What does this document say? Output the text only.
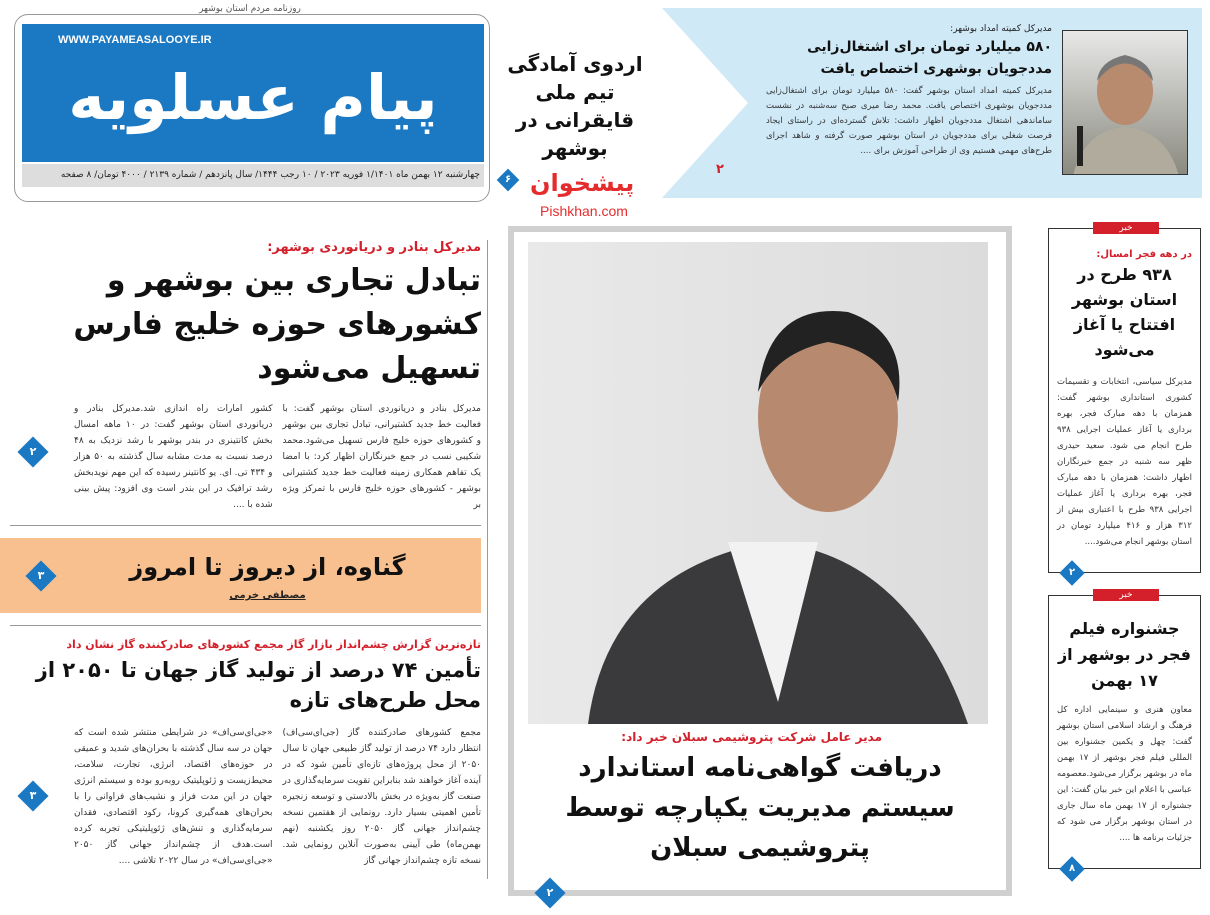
روزنامه مردم استان بوشهر
WWW.PAYAMEASALOOYE.IR
پیام عسلویه
چهارشنبه ۱۲ بهمن ماه ۱/۱۴۰۱ فوریه ۲۰۲۳ / ۱۰ رجب ۱۴۴۴/ سال پانزدهم / شماره ۲۱۳۹ / ۴۰۰۰ تومان/ ۸ صفحه	۶ پیشخوان
Pishkhan.com
اردوی آمادگی تیم ملی قایقرانی در بوشهر
۲
مدیرکل کمیته امداد بوشهر:
۵۸۰ میلیارد تومان برای اشتغال‌زایی مددجویان بوشهری اختصاص یافت
مدیرکل کمیته امداد استان بوشهر گفت: ۵۸۰ میلیارد تومان برای اشتغال‌زایی مددجویان بوشهری اختصاص یافت. محمد رضا میری صبح سه‌شنبه در نشست ساماندهی اشتغال مددجویان اظهار داشت: تلاش گسترده‌ای در راستای ایجاد فرصت شغلی برای مددجویان در استان بوشهر صورت گرفته و شاهد اجرای طرح‌های مهمی هستیم وی از طراحی آموزش برای ....
مدیرکل بنادر و دریانوردی بوشهر:
تبادل تجاری بین بوشهر و کشورهای حوزه خلیج فارس تسهیل می‌شود
۲
کشور امارات راه اندازی شد.مدیرکل بنادر و دریانوردی استان بوشهر گفت: در ۱۰ ماهه امسال بخش کانتینری در بندر بوشهر با رشد نزدیک به ۴۸ درصد نسبت به مدت مشابه سال گذشته به ۵۰ هزار و ۴۳۴ تی. ای. یو کانتینر رسیده که این مهم نویدبخش رشد ترافیک در این بندر است وی افزود: پیش بینی شده با ....
مدیرکل بنادر و دریانوردی استان بوشهر گفت: با فعالیت خط جدید کشتیرانی، تبادل تجاری بین بوشهر و کشورهای حوزه خلیج فارس تسهیل می‌شود.محمد شکیبی نسب در جمع خبرنگاران اظهار کرد: با امضا یک تفاهم همکاری زمینه فعالیت خط جدید کشتیرانی بوشهر - کشورهای حوزه خلیج فارس با تمرکز ویژه بر
۳	گناوه، از دیروز تا امروز
مصطفی خرمی
تازه‌ترین گزارش چشم‌انداز بازار گاز مجمع کشورهای صادرکننده گاز نشان داد
تأمین ۷۴ درصد از تولید گاز جهان تا ۲۰۵۰ از محل طرح‌های تازه
۳
«جی‌ای‌سی‌اف» در شرایطی منتشر شده است که جهان در سه سال گذشته با بحران‌های شدید و عمیقی در حوزه‌های اقتصاد، انرژی، تجارت، سلامت، محیط‌زیست و ژئوپلیتیک روبه‌رو بوده و سیستم انرژی جهان در این مدت فراز و نشیب‌های فراوانی را با بحران‌های همه‌گیری کرونا، رکود اقتصادی، فقدان سرمایه‌گذاری و تنش‌های ژئوپلیتیکی تجربه کرده است.هدف از چشم‌انداز جهانی گاز ۲۰۵۰ «جی‌ای‌سی‌اف» در سال ۲۰۲۲ تلاشی ....
مجمع کشورهای صادرکننده گاز (جی‌ای‌سی‌اف) انتظار دارد ۷۴ درصد از تولید گاز طبیعی جهان تا سال ۲۰۵۰ از محل پروژه‌های تازه‌ای تأمین شود که در آینده آغاز خواهند شد بنابراین تقویت سرمایه‌گذاری در صنعت گاز به‌ویژه در بخش بالادستی و توسعه زنجیره تأمین اهمیتی بسیار دارد. رونمایی از هفتمین نسخه چشم‌انداز جهانی گاز ۲۰۵۰ روز یکشنبه (نهم بهمن‌ماه) طی آیینی به‌صورت آنلاین رونمایی شد. نسخه تازه چشم‌انداز جهانی گاز
مدیر عامل شرکت پتروشیمی سبلان خبر داد:
دریافت گواهی‌نامه استاندارد سیستم مدیریت یکپارچه توسط پتروشیمی سبلان
۲
خبر
در دهه فجر امسال:
۹۳۸ طرح در استان بوشهر افتتاح یا آغاز می‌شود
مدیرکل سیاسی، انتخابات و تقسیمات کشوری استانداری بوشهر گفت: همزمان با دهه مبارک فجر، بهره برداری یا آغاز عملیات اجرایی ۹۳۸ طرح انجام می شود. سعید حیدری ظهر سه شنبه در جمع خبرنگاران اظهار داشت: همزمان با دهه مبارک فجر، بهره برداری یا آغاز عملیات اجرایی ۹۳۸ طرح با اعتباری بیش از ۳۱۲ هزار و ۴۱۶ میلیارد تومان در استان بوشهر انجام می‌شود....
۲
خبر
جشنواره فیلم فجر در بوشهر از ۱۷ بهمن
معاون هنری و سینمایی اداره کل فرهنگ و ارشاد اسلامی استان بوشهر گفت: چهل و یکمین جشنواره بین المللی فیلم فجر بوشهر از ۱۷ بهمن ماه در بوشهر برگزار می‌شود.معصومه عباسی با اعلام این خبر بیان گفت: این جشنواره از ۱۷ بهمن ماه سال جاری در استان بوشهر برگزار می شود که جزئیات برنامه ها ....
۸
